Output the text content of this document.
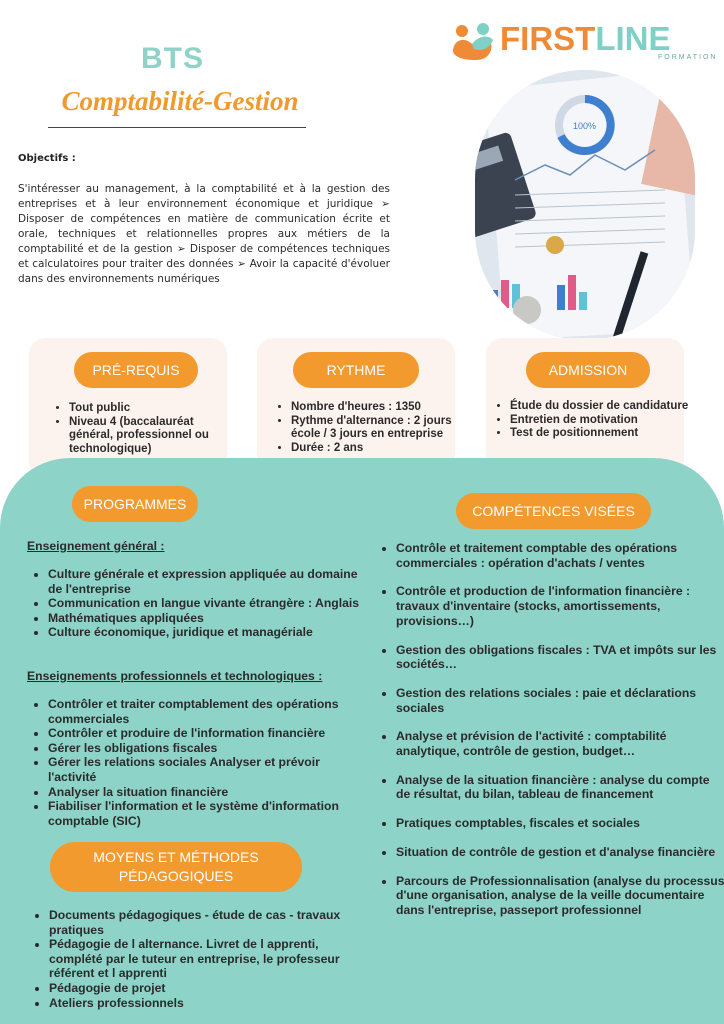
BTS
Comptabilité-Gestion
FIRSTLINE
FORMATION
Objectifs :
S'intéresser au management, à la comptabilité et à la gestion des entreprises et à leur environnement économique et juridique ➢ Disposer de compétences en matière de communication écrite et orale, techniques et relationnelles propres aux métiers de la comptabilité et de la gestion ➢ Disposer de compétences techniques et calculatoires pour traiter des données ➢ Avoir la capacité d'évoluer dans des environnements numériques
100%
PRÉ-REQUIS
• Tout public
• Niveau 4 (baccalauréat général, professionnel ou technologique)
RYTHME
• Nombre d'heures : 1350
• Rythme d'alternance : 2 jours école / 3 jours en entreprise
• Durée : 2 ans
ADMISSION
• Étude du dossier de candidature
• Entretien de motivation
• Test de positionnement
PROGRAMMES
Enseignement général :
• Culture générale et expression appliquée au domaine de l'entreprise
• Communication en langue vivante étrangère : Anglais
• Mathématiques appliquées
• Culture économique, juridique et managériale
Enseignements professionnels et technologiques :
• Contrôler et traiter comptablement des opérations commerciales
• Contrôler et produire de l'information financière
• Gérer les obligations fiscales
• Gérer les relations sociales Analyser et prévoir l'activité
• Analyser la situation financière
• Fiabiliser l'information et le système d'information comptable (SIC)
MOYENS ET MÉTHODES PÉDAGOGIQUES
• Documents pédagogiques - étude de cas - travaux pratiques
• Pédagogie de l alternance. Livret de l apprenti, complété par le tuteur en entreprise, le professeur référent et l apprenti
• Pédagogie de projet
• Ateliers professionnels
COMPÉTENCES VISÉES
• Contrôle et traitement comptable des opérations commerciales : opération d'achats / ventes
• Contrôle et production de l'information financière : travaux d'inventaire (stocks, amortissements, provisions…)
• Gestion des obligations fiscales : TVA et impôts sur les sociétés…
• Gestion des relations sociales : paie et déclarations sociales
• Analyse et prévision de l'activité : comptabilité analytique, contrôle de gestion, budget…
• Analyse de la situation financière : analyse du compte de résultat, du bilan, tableau de financement
• Pratiques comptables, fiscales et sociales
• Situation de contrôle de gestion et d'analyse financière
• Parcours de Professionnalisation (analyse du processus d'une organisation, analyse de la veille documentaire dans l'entreprise, passeport professionnel
